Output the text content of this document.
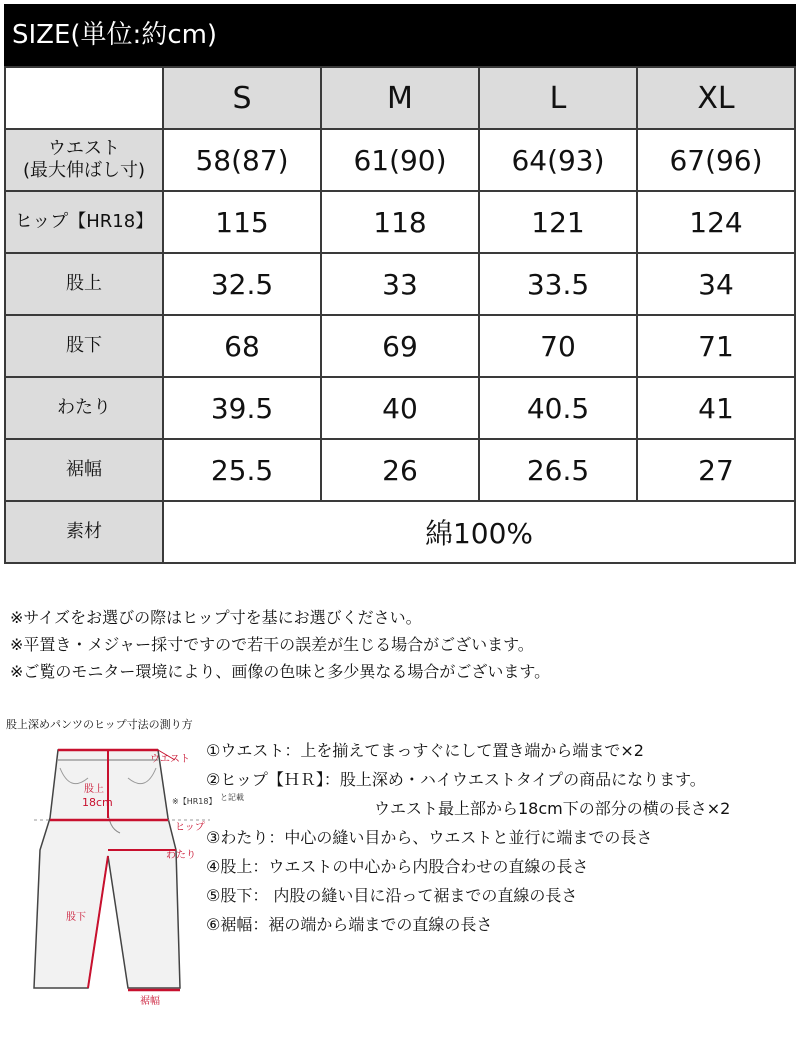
SIZE(単位:約cm)
	S	M	L	XL

ウエスト
(最大伸ばし寸)	58(87)	61(90)	64(93)	67(96)
ヒップ【HR18】	115	118	121	124
股上	32.5	33	33.5	34
股下	68	69	70	71
わたり	39.5	40	40.5	41
裾幅	25.5	26	26.5	27
素材	綿100%			
※サイズをお選びの際はヒップ寸を基にお選びください。
※平置き・メジャー採寸ですので若干の誤差が生じる場合がございます。
※ご覧のモニター環境により、画像の色味と多少異なる場合がございます。
股上深めパンツのヒップ寸法の測り方
ウエスト
股上
18cm	※【HR18】 と記載
ヒップ
わたり
股下
裾幅
①ウエスト：上を揃えてまっすぐにして置き端から端まで×2
②ヒップ【ＨＲ】：股上深め・ハイウエストタイプの商品になります。
ウエスト最上部から18cm下の部分の横の長さ×2
③わたり：中心の縫い目から、ウエストと並行に端までの長さ
④股上：ウエストの中心から内股合わせの直線の長さ
⑤股下： 内股の縫い目に沿って裾までの直線の長さ
⑥裾幅：裾の端から端までの直線の長さ
